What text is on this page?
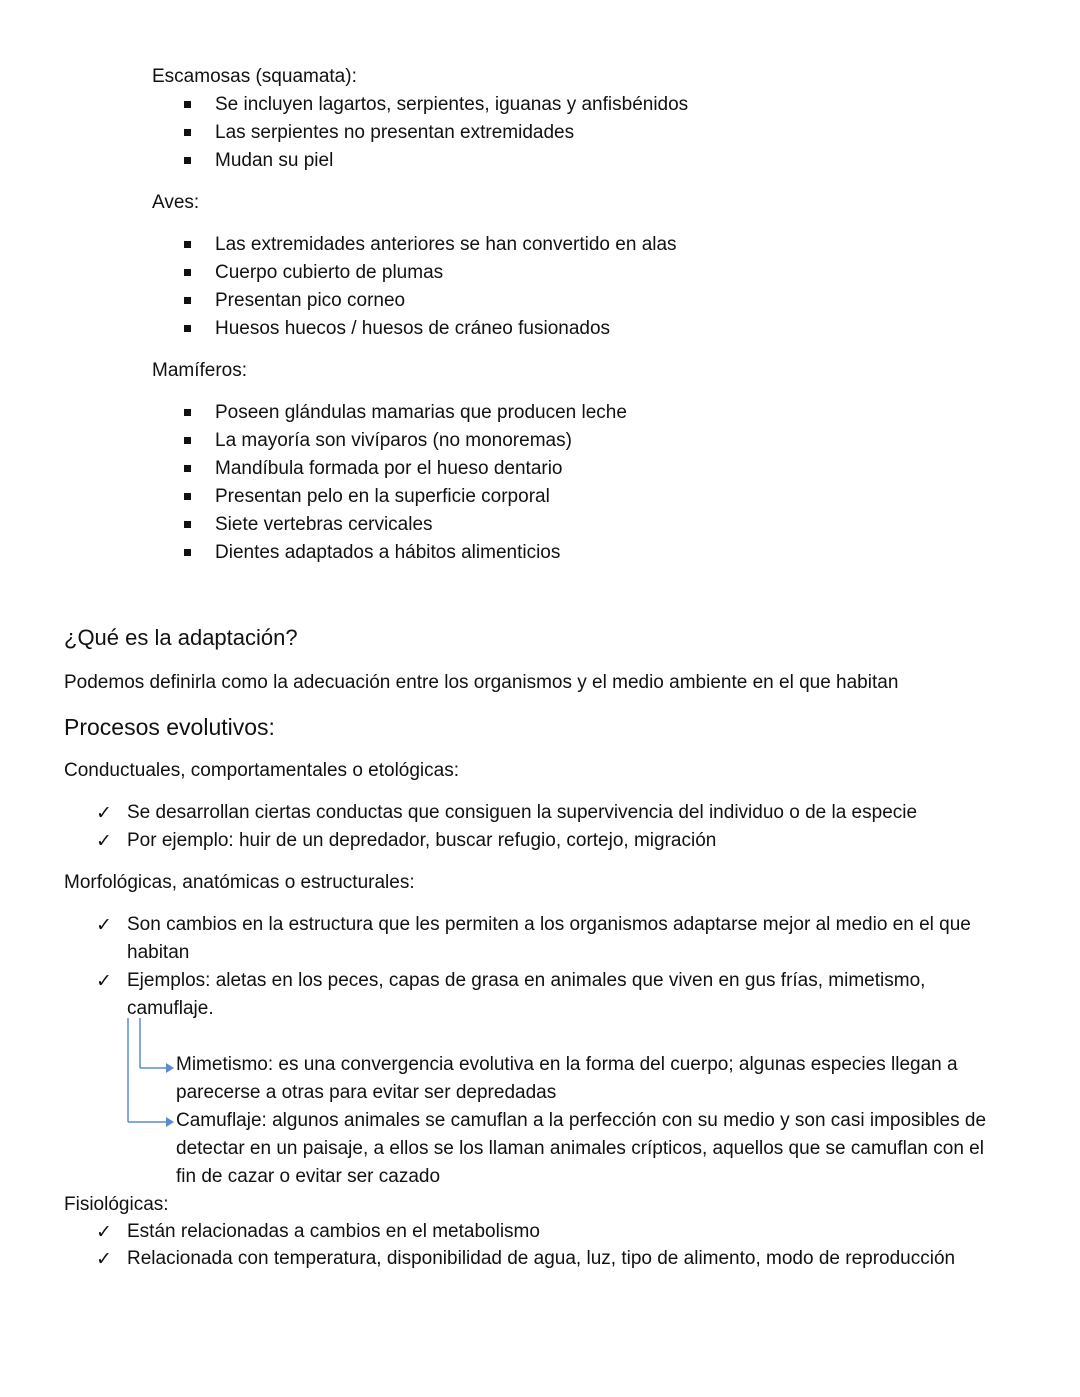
Escamosas (squamata):
Se incluyen lagartos, serpientes, iguanas y anfisbénidos
Las serpientes no presentan extremidades
Mudan su piel
Aves:
Las extremidades anteriores se han convertido en alas
Cuerpo cubierto de plumas
Presentan pico corneo
Huesos huecos / huesos de cráneo fusionados
Mamíferos:
Poseen glándulas mamarias que producen leche
La mayoría son vivíparos (no monoremas)
Mandíbula formada por el hueso dentario
Presentan pelo en la superficie corporal
Siete vertebras cervicales
Dientes adaptados a hábitos alimenticios
¿Qué es la adaptación?
Podemos definirla como la adecuación entre los organismos y el medio ambiente en el que habitan
Procesos evolutivos:
Conductuales, comportamentales o etológicas:
✓ Se desarrollan ciertas conductas que consiguen la supervivencia del individuo o de la especie
✓ Por ejemplo: huir de un depredador, buscar refugio, cortejo, migración
Morfológicas, anatómicas o estructurales:
✓ Son cambios en la estructura que les permiten a los organismos adaptarse mejor al medio en el que habitan
✓ Ejemplos: aletas en los peces, capas de grasa en animales que viven en gus frías, mimetismo, camuflaje.
Mimetismo: es una convergencia evolutiva en la forma del cuerpo; algunas especies llegan a parecerse a otras para evitar ser depredadas
Camuflaje: algunos animales se camuflan a la perfección con su medio y son casi imposibles de detectar en un paisaje, a ellos se los llaman animales crípticos, aquellos que se camuflan con el fin de cazar o evitar ser cazado
Fisiológicas:
✓ Están relacionadas a cambios en el metabolismo
✓ Relacionada con temperatura, disponibilidad de agua, luz, tipo de alimento, modo de reproducción
